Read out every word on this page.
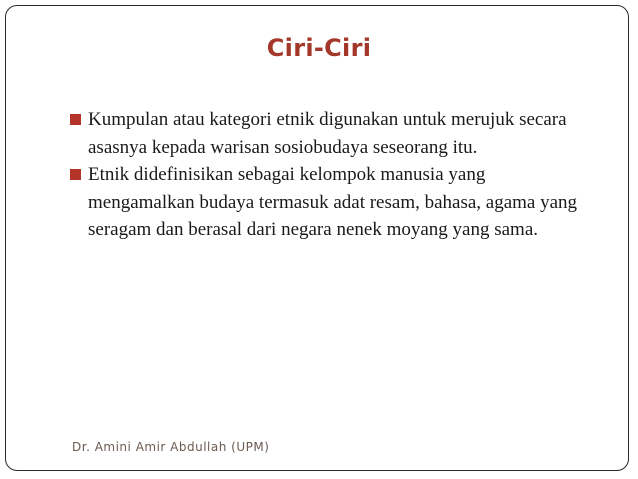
Ciri-Ciri
Kumpulan atau kategori etnik digunakan untuk merujuk secara asasnya kepada warisan sosiobudaya seseorang itu.
Etnik didefinisikan sebagai kelompok manusia yang mengamalkan budaya termasuk adat resam, bahasa, agama yang seragam dan berasal dari negara nenek moyang yang sama.
Dr. Amini Amir Abdullah (UPM)
